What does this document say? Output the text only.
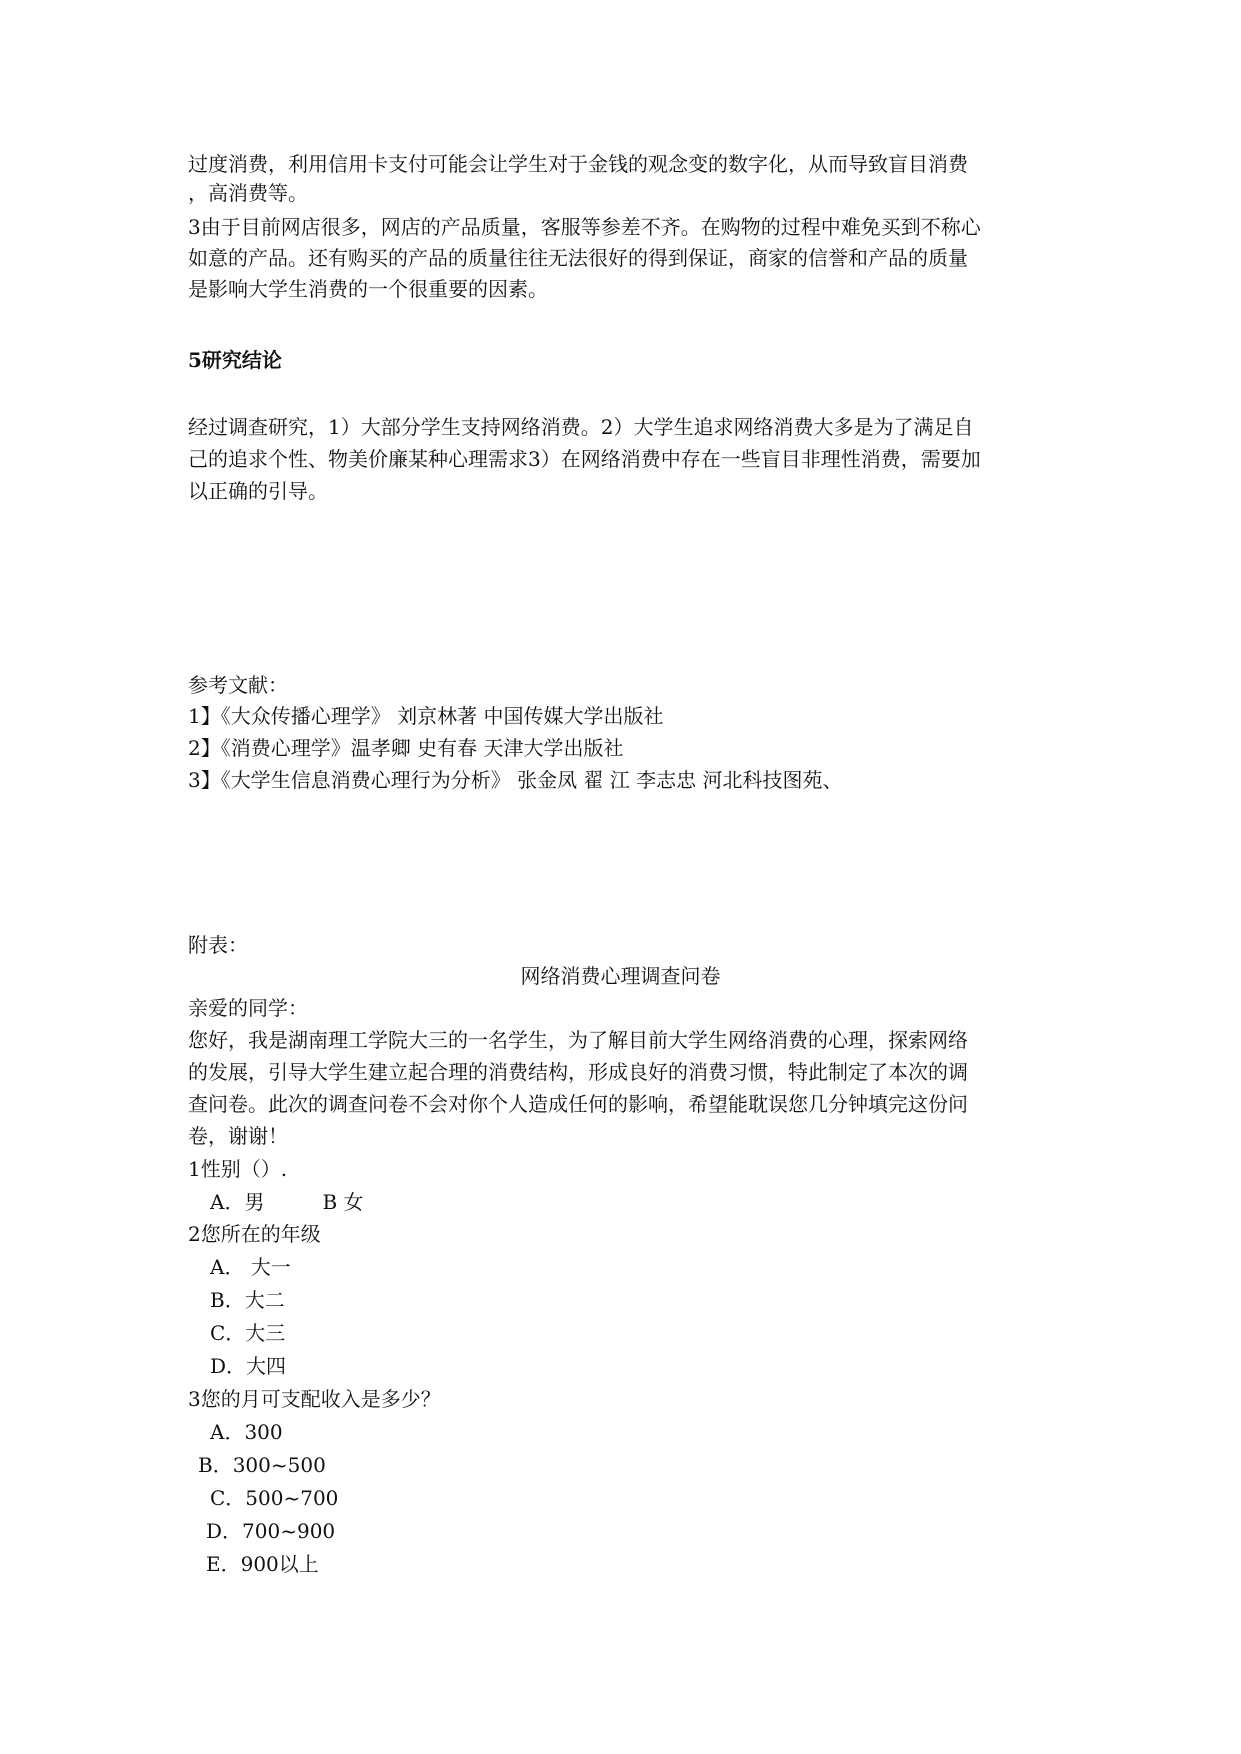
过度消费，利用信用卡支付可能会让学生对于金钱的观念变的数字化，从而导致盲目消费
，高消费等。
3由于目前网店很多，网店的产品质量，客服等参差不齐。在购物的过程中难免买到不称心
如意的产品。还有购买的产品的质量往往无法很好的得到保证，商家的信誉和产品的质量
是影响大学生消费的一个很重要的因素。
5研究结论
经过调查研究，1）大部分学生支持网络消费。2）大学生追求网络消费大多是为了满足自
己的追求个性、物美价廉某种心理需求3）在网络消费中存在一些盲目非理性消费，需要加
以正确的引导。
参考文献：
1】《大众传播心理学》 刘京林著 中国传媒大学出版社
2】《消费心理学》温孝卿 史有春 天津大学出版社
3】《大学生信息消费心理行为分析》 张金凤 翟 江 李志忠 河北科技图苑、
附表：
网络消费心理调查问卷
亲爱的同学：
您好，我是湖南理工学院大三的一名学生，为了解目前大学生网络消费的心理，探索网络
的发展，引导大学生建立起合理的消费结构，形成良好的消费习惯，特此制定了本次的调
查问卷。此次的调查问卷不会对你个人造成任何的影响，希望能耽误您几分钟填完这份问
卷，谢谢！
1性别（）.
A．男	B 女
2您所在的年级
A． 大一
B．大二
C．大三
D．大四
3您的月可支配收入是多少？
A．300
B．300~500
C．500~700
D．700~900
E．900以上
